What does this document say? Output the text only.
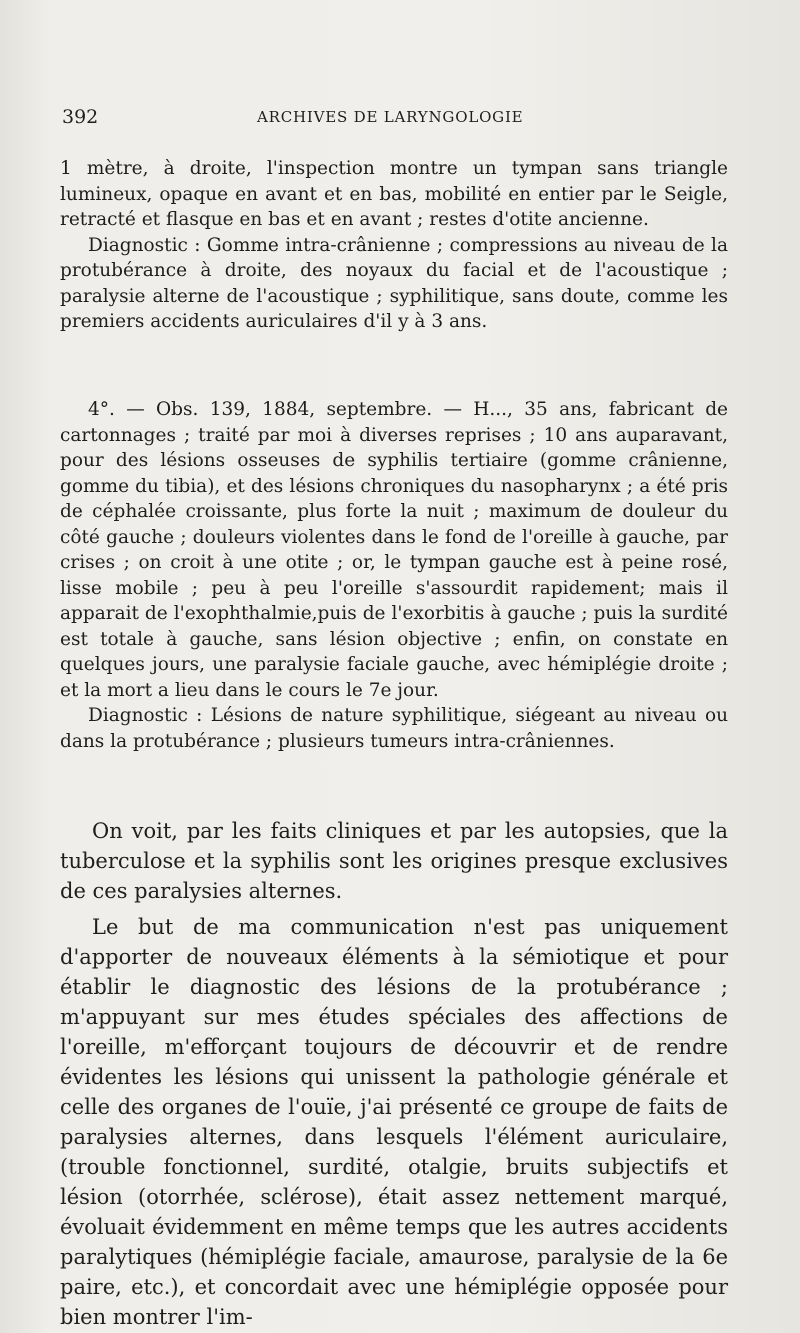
392	ARCHIVES DE LARYNGOLOGIE

1 mètre, à droite, l'inspection montre un tympan sans triangle lumineux, opaque en avant et en bas, mobilité en entier par le Seigle, retracté et flasque en bas et en avant ; restes d'otite ancienne.

Diagnostic : Gomme intra-crânienne ; compressions au niveau de la protubérance à droite, des noyaux du facial et de l'acoustique ; paralysie alterne de l'acoustique ; syphilitique, sans doute, comme les premiers accidents auriculaires d'il y à 3 ans.

4°. — Obs. 139, 1884, septembre. — H..., 35 ans, fabricant de cartonnages ; traité par moi à diverses reprises ; 10 ans auparavant, pour des lésions osseuses de syphilis tertiaire (gomme crânienne, gomme du tibia), et des lésions chroniques du nasopharynx ; a été pris de céphalée croissante, plus forte la nuit ; maximum de douleur du côté gauche ; douleurs violentes dans le fond de l'oreille à gauche, par crises ; on croit à une otite ; or, le tympan gauche est à peine rosé, lisse mobile ; peu à peu l'oreille s'assourdit rapidement; mais il apparait de l'exophthalmie,puis de l'exorbitis à gauche ; puis la surdité est totale à gauche, sans lésion objective ; enfin, on constate en quelques jours, une paralysie faciale gauche, avec hémiplégie droite ; et la mort a lieu dans le cours le 7e jour.

Diagnostic : Lésions de nature syphilitique, siégeant au niveau ou dans la protubérance ; plusieurs tumeurs intra-crâniennes.

On voit, par les faits cliniques et par les autopsies, que la tuberculose et la syphilis sont les origines presque exclusives de ces paralysies alternes.

Le but de ma communication n'est pas uniquement d'apporter de nouveaux éléments à la sémiotique et pour établir le diagnostic des lésions de la protubérance ; m'appuyant sur mes études spéciales des affections de l'oreille, m'efforçant toujours de découvrir et de rendre évidentes les lésions qui unissent la pathologie générale et celle des organes de l'ouïe, j'ai présenté ce groupe de faits de paralysies alternes, dans lesquels l'élément auriculaire, (trouble fonctionnel, surdité, otalgie, bruits subjectifs et lésion (otorrhée, sclérose), était assez nettement marqué, évoluait évidemment en même temps que les autres accidents paralytiques (hémiplégie faciale, amaurose, paralysie de la 6e paire, etc.), et concordait avec une hémiplégie opposée pour bien montrer l'im-
